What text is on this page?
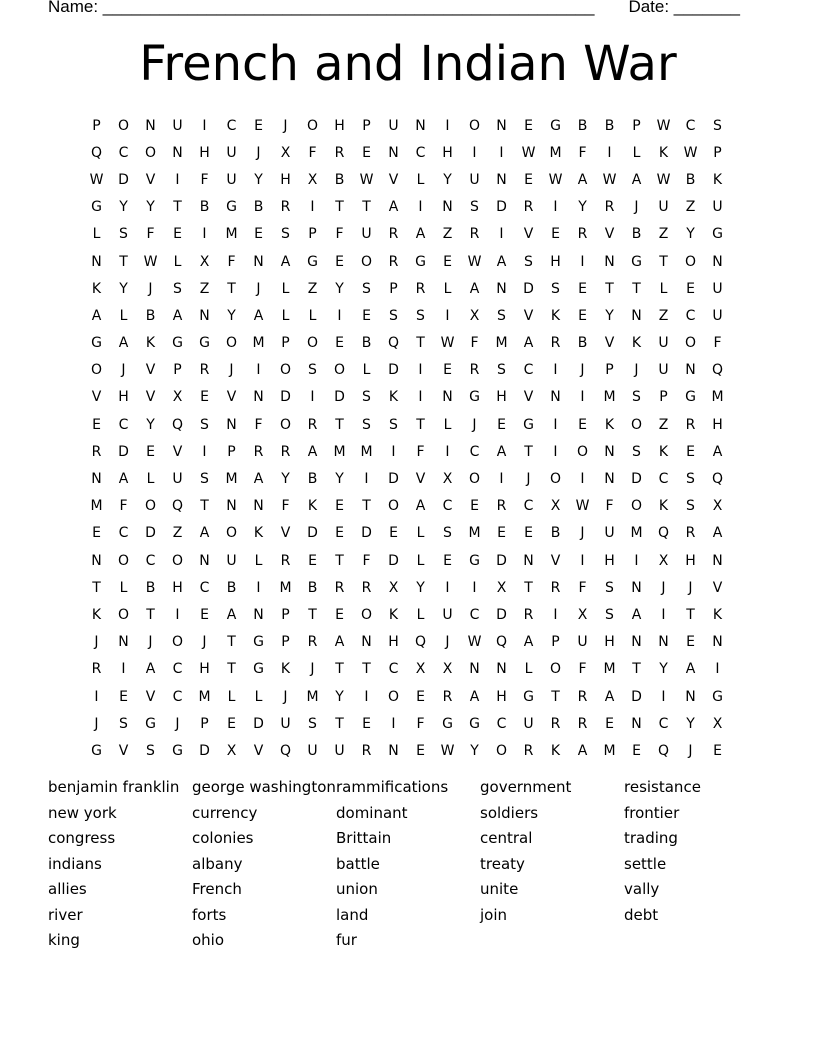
Name: ____________________________________________________ Date: _______
French and Indian War
P	O	N	U	I	C	E	J	O	H	P	U	N	I	O	N	E	G	B	B	P	W	C	S
Q	C	O	N	H	U	J	X	F	R	E	N	C	H	I	I	W	M	F	I	L	K	W	P
W	D	V	I	F	U	Y	H	X	B	W	V	L	Y	U	N	E	W	A	W	A	W	B	K
G	Y	Y	T	B	G	B	R	I	T	T	A	I	N	S	D	R	I	Y	R	J	U	Z	U
L	S	F	E	I	M	E	S	P	F	U	R	A	Z	R	I	V	E	R	V	B	Z	Y	G
N	T	W	L	X	F	N	A	G	E	O	R	G	E	W	A	S	H	I	N	G	T	O	N
K	Y	J	S	Z	T	J	L	Z	Y	S	P	R	L	A	N	D	S	E	T	T	L	E	U
A	L	B	A	N	Y	A	L	L	I	E	S	S	I	X	S	V	K	E	Y	N	Z	C	U
G	A	K	G	G	O	M	P	O	E	B	Q	T	W	F	M	A	R	B	V	K	U	O	F
O	J	V	P	R	J	I	O	S	O	L	D	I	E	R	S	C	I	J	P	J	U	N	Q
V	H	V	X	E	V	N	D	I	D	S	K	I	N	G	H	V	N	I	M	S	P	G	M
E	C	Y	Q	S	N	F	O	R	T	S	S	T	L	J	E	G	I	E	K	O	Z	R	H
R	D	E	V	I	P	R	R	A	M	M	I	F	I	C	A	T	I	O	N	S	K	E	A
N	A	L	U	S	M	A	Y	B	Y	I	D	V	X	O	I	J	O	I	N	D	C	S	Q
M	F	O	Q	T	N	N	F	K	E	T	O	A	C	E	R	C	X	W	F	O	K	S	X
E	C	D	Z	A	O	K	V	D	E	D	E	L	S	M	E	E	B	J	U	M	Q	R	A
N	O	C	O	N	U	L	R	E	T	F	D	L	E	G	D	N	V	I	H	I	X	H	N
T	L	B	H	C	B	I	M	B	R	R	X	Y	I	I	X	T	R	F	S	N	J	J	V
K	O	T	I	E	A	N	P	T	E	O	K	L	U	C	D	R	I	X	S	A	I	T	K
J	N	J	O	J	T	G	P	R	A	N	H	Q	J	W	Q	A	P	U	H	N	N	E	N
R	I	A	C	H	T	G	K	J	T	T	C	X	X	N	N	L	O	F	M	T	Y	A	I
I	E	V	C	M	L	L	J	M	Y	I	O	E	R	A	H	G	T	R	A	D	I	N	G
J	S	G	J	P	E	D	U	S	T	E	I	F	G	G	C	U	R	R	E	N	C	Y	X
G	V	S	G	D	X	V	Q	U	U	R	N	E	W	Y	O	R	K	A	M	E	Q	J	E
benjamin franklin
new york
congress
indians
allies
river
king
george washington
currency
colonies
albany
French
forts
ohio
rammifications
dominant
Brittain
battle
union
land
fur
government
soldiers
central
treaty
unite
join
resistance
frontier
trading
settle
vally
debt
